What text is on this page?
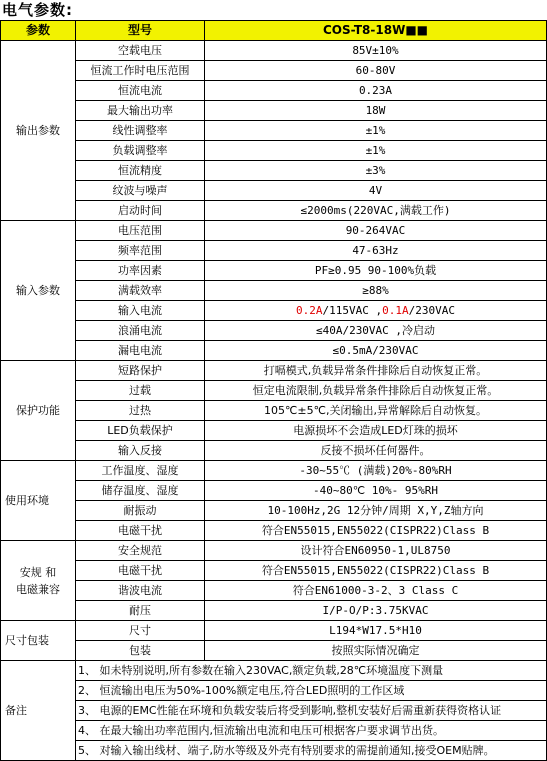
电气参数:
参数	型号	COS-T8-18W■■
输出参数	空载电压	85V±10%
	恒流工作时电压范围	60-80V
	恒流电流	0.23A
	最大输出功率	18W
	线性调整率	±1%
	负载调整率	±1%
	恒流精度	±3%
	纹波与噪声	4V
	启动时间	≤2000ms(220VAC,满载工作)
输入参数	电压范围	90-264VAC
	频率范围	47-63Hz
	功率因素	PF≥0.95 90-100%负载
	满载效率	≥88%
	输入电流	0.2A/115VAC ,0.1A/230VAC
	浪涌电流	≤40A/230VAC ,冷启动
	漏电电流	≤0.5mA/230VAC
保护功能	短路保护	打嗝模式,负载异常条件排除后自动恢复正常。
	过载	恒定电流限制,负载异常条件排除后自动恢复正常。
	过热	105℃±5℃,关闭输出,异常解除后自动恢复。
	LED负载保护	电源损坏不会造成LED灯珠的损坏
	输入反接	反接不损坏任何器件。
使用环境	工作温度、湿度	-30~55℃ (满载)20%-80%RH
	储存温度、湿度	-40~80℃ 10%- 95%RH
	耐振动	10-100Hz,2G 12分钟/周期 X,Y,Z轴方向
	电磁干扰	符合EN55015,EN55022(CISPR22)Class B
安规 和
电磁兼容	安全规范	设计符合EN60950-1,UL8750
	电磁干扰	符合EN55015,EN55022(CISPR22)Class B
	谐波电流	符合EN61000-3-2、3 Class C
	耐压	I/P-O/P:3.75KVAC
尺寸包装	尺寸	L194*W17.5*H10
	包装	按照实际情况确定
备注	1、 如未特别说明,所有参数在输入230VAC,额定负载,28℃环境温度下测量	
	2、 恒流输出电压为50%-100%额定电压,符合LED照明的工作区域	
	3、 电源的EMC性能在环境和负载安装后将受到影响,整机安装好后需重新获得资格认证	
	4、 在最大输出功率范围内,恒流输出电流和电压可根据客户要求调节出货。	
	5、 对输入输出线材、端子,防水等级及外壳有特别要求的需提前通知,接受OEM贴牌。	
